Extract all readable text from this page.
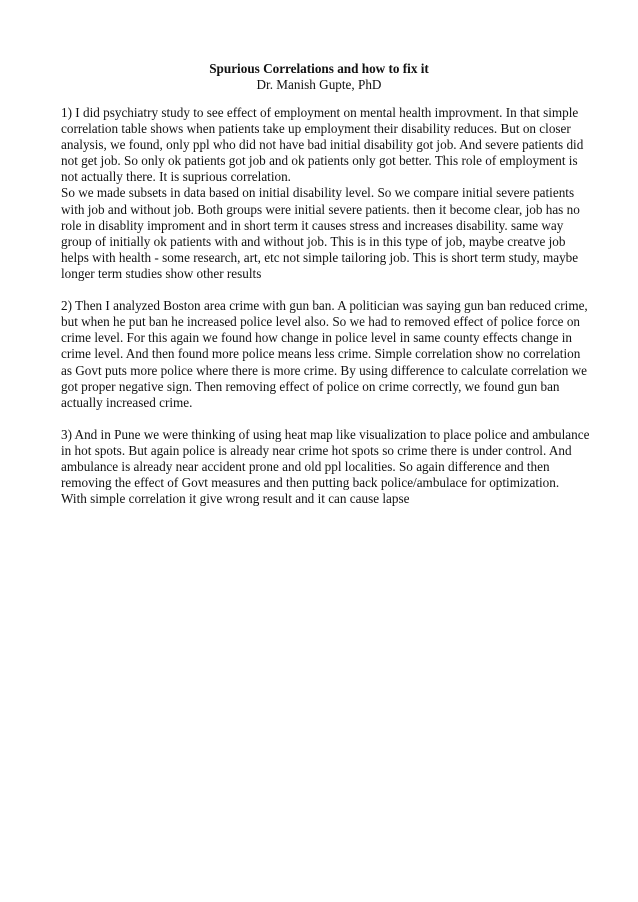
Spurious Correlations and how to fix it

Dr. Manish Gupte, PhD

1) I did psychiatry study to see effect of employment on mental health improvment. In that simple
correlation table shows when patients take up employment their disability reduces. But on closer
analysis, we found, only ppl who did not have bad initial disability got job. And severe patients did
not get job. So only ok patients got job and ok patients only got better. This role of employment is
not actually there. It is suprious correlation.
So we made subsets in data based on initial disability level. So we compare initial severe patients
with job and without job. Both groups were initial severe patients. then it become clear, job has no
role in disablity improment and in short term it causes stress and increases disability. same way
group of initially ok patients with and without job. This is in this type of job, maybe creatve job
helps with health - some research, art, etc not simple tailoring job. This is short term study, maybe
longer term studies show other results
2) Then I analyzed Boston area crime with gun ban. A politician was saying gun ban reduced crime,
but when he put ban he increased police level also. So we had to removed effect of police force on
crime level. For this again we found how change in police level in same county effects change in
crime level. And then found more police means less crime. Simple correlation show no correlation
as Govt puts more police where there is more crime. By using difference to calculate correlation we
got proper negative sign. Then removing effect of police on crime correctly, we found gun ban
actually increased crime.
3) And in Pune we were thinking of using heat map like visualization to place police and ambulance
in hot spots. But again police is already near crime hot spots so crime there is under control. And
ambulance is already near accident prone and old ppl localities. So again difference and then
removing the effect of Govt measures and then putting back police/ambulace for optimization.
With simple correlation it give wrong result and it can cause lapse
